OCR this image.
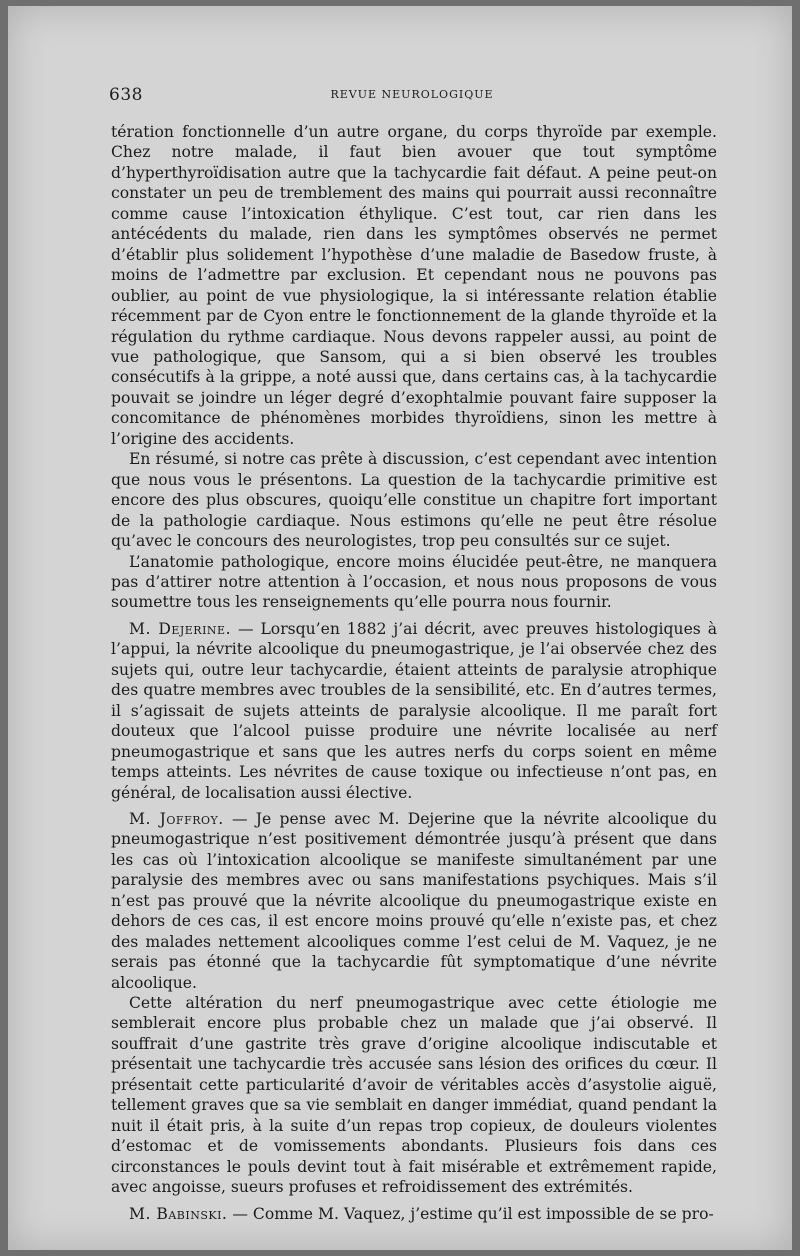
638	REVUE NEUROLOGIQUE

tération fonctionnelle d’un autre organe, du corps thyroïde par exemple. Chez notre malade, il faut bien avouer que tout symptôme d’hyperthyroïdisation autre que la tachycardie fait défaut. A peine peut-on constater un peu de tremblement des mains qui pourrait aussi reconnaître comme cause l’intoxication éthylique. C’est tout, car rien dans les antécédents du malade, rien dans les symptômes observés ne permet d’établir plus solidement l’hypothèse d’une maladie de Basedow fruste, à moins de l’admettre par exclusion. Et cependant nous ne pouvons pas oublier, au point de vue physiologique, la si intéressante relation établie récemment par de Cyon entre le fonctionnement de la glande thyroïde et la régulation du rythme cardiaque. Nous devons rappeler aussi, au point de vue pathologique, que Sansom, qui a si bien observé les troubles consécutifs à la grippe, a noté aussi que, dans certains cas, à la tachycardie pouvait se joindre un léger degré d’exophtalmie pouvant faire supposer la concomitance de phénomènes morbides thyroïdiens, sinon les mettre à l’origine des accidents.

En résumé, si notre cas prête à discussion, c’est cependant avec intention que nous vous le présentons. La question de la tachycardie primitive est encore des plus obscures, quoiqu’elle constitue un chapitre fort important de la pathologie cardiaque. Nous estimons qu’elle ne peut être résolue qu’avec le concours des neurologistes, trop peu consultés sur ce sujet.

L’anatomie pathologique, encore moins élucidée peut-être, ne manquera pas d’attirer notre attention à l’occasion, et nous nous proposons de vous soumettre tous les renseignements qu’elle pourra nous fournir.

M. Dejerine. — Lorsqu’en 1882 j’ai décrit, avec preuves histologiques à l’appui, la névrite alcoolique du pneumogastrique, je l’ai observée chez des sujets qui, outre leur tachycardie, étaient atteints de paralysie atrophique des quatre membres avec troubles de la sensibilité, etc. En d’autres termes, il s’agissait de sujets atteints de paralysie alcoolique. Il me paraît fort douteux que l’alcool puisse produire une névrite localisée au nerf pneumogastrique et sans que les autres nerfs du corps soient en même temps atteints. Les névrites de cause toxique ou infectieuse n’ont pas, en général, de localisation aussi élective.

M. Joffroy. — Je pense avec M. Dejerine que la névrite alcoolique du pneumogastrique n’est positivement démontrée jusqu’à présent que dans les cas où l’intoxication alcoolique se manifeste simultanément par une paralysie des membres avec ou sans manifestations psychiques. Mais s’il n’est pas prouvé que la névrite alcoolique du pneumogastrique existe en dehors de ces cas, il est encore moins prouvé qu’elle n’existe pas, et chez des malades nettement alcooliques comme l’est celui de M. Vaquez, je ne serais pas étonné que la tachycardie fût symptomatique d’une névrite alcoolique.

Cette altération du nerf pneumogastrique avec cette étiologie me semblerait encore plus probable chez un malade que j’ai observé. Il souffrait d’une gastrite très grave d’origine alcoolique indiscutable et présentait une tachycardie très accusée sans lésion des orifices du cœur. Il présentait cette particularité d’avoir de véritables accès d’asystolie aiguë, tellement graves que sa vie semblait en danger immédiat, quand pendant la nuit il était pris, à la suite d’un repas trop copieux, de douleurs violentes d’estomac et de vomissements abondants. Plusieurs fois dans ces circonstances le pouls devint tout à fait misérable et extrêmement rapide, avec angoisse, sueurs profuses et refroidissement des extrémités.

M. Babinski. — Comme M. Vaquez, j’estime qu’il est impossible de se pro-
